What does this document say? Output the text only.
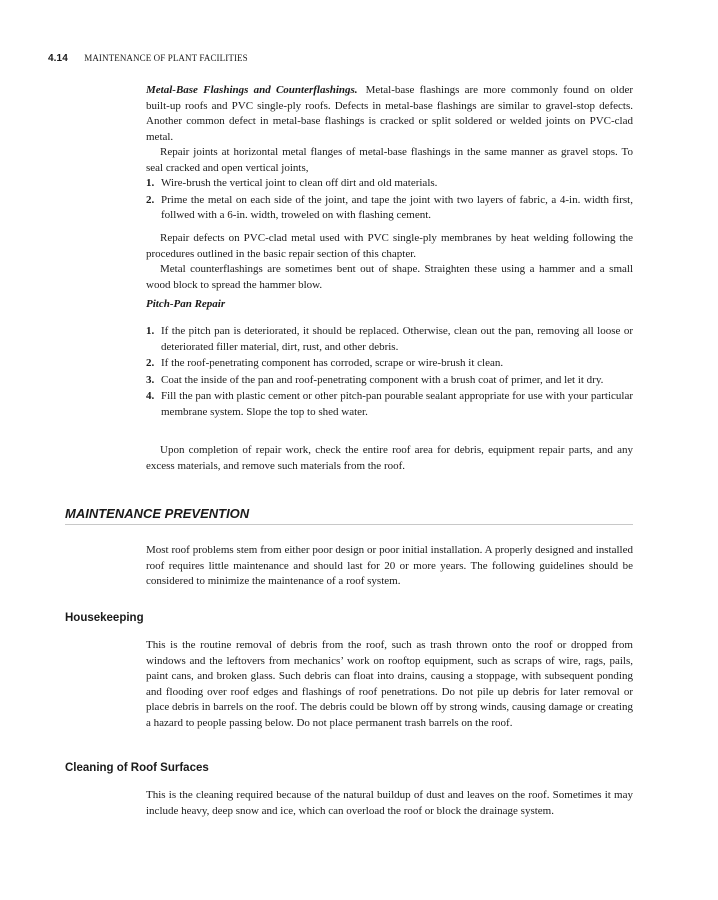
4.14 MAINTENANCE OF PLANT FACILITIES

Metal-Base Flashings and Counterflashings. Metal-base flashings are more commonly found on older built-up roofs and PVC single-ply roofs. Defects in metal-base flashings are similar to gravel-stop defects. Another common defect in metal-base flashings is cracked or split soldered or welded joints on PVC-clad metal.

Repair joints at horizontal metal flanges of metal-base flashings in the same manner as gravel stops. To seal cracked and open vertical joints,

1. Wire-brush the vertical joint to clean off dirt and old materials.
2. Prime the metal on each side of the joint, and tape the joint with two layers of fabric, a 4-in. width first, follwed with a 6-in. width, troweled on with flashing cement.

Repair defects on PVC-clad metal used with PVC single-ply membranes by heat welding following the procedures outlined in the basic repair section of this chapter.

Metal counterflashings are sometimes bent out of shape. Straighten these using a hammer and a small wood block to spread the hammer blow.

Pitch-Pan Repair

1. If the pitch pan is deteriorated, it should be replaced. Otherwise, clean out the pan, removing all loose or deteriorated filler material, dirt, rust, and other debris.
2. If the roof-penetrating component has corroded, scrape or wire-brush it clean.
3. Coat the inside of the pan and roof-penetrating component with a brush coat of primer, and let it dry.
4. Fill the pan with plastic cement or other pitch-pan pourable sealant appropriate for use with your particular membrane system. Slope the top to shed water.

Upon completion of repair work, check the entire roof area for debris, equipment repair parts, and any excess materials, and remove such materials from the roof.

MAINTENANCE PREVENTION

Most roof problems stem from either poor design or poor initial installation. A properly designed and installed roof requires little maintenance and should last for 20 or more years. The following guidelines should be considered to minimize the maintenance of a roof system.

Housekeeping

This is the routine removal of debris from the roof, such as trash thrown onto the roof or dropped from windows and the leftovers from mechanics’ work on rooftop equipment, such as scraps of wire, rags, pails, paint cans, and broken glass. Such debris can float into drains, causing a stoppage, with subsequent ponding and flooding over roof edges and flashings of roof penetrations. Do not pile up debris for later removal or place debris in barrels on the roof. The debris could be blown off by strong winds, causing damage or creating a hazard to people passing below. Do not place permanent trash barrels on the roof.

Cleaning of Roof Surfaces

This is the cleaning required because of the natural buildup of dust and leaves on the roof. Sometimes it may include heavy, deep snow and ice, which can overload the roof or block the drainage system.
